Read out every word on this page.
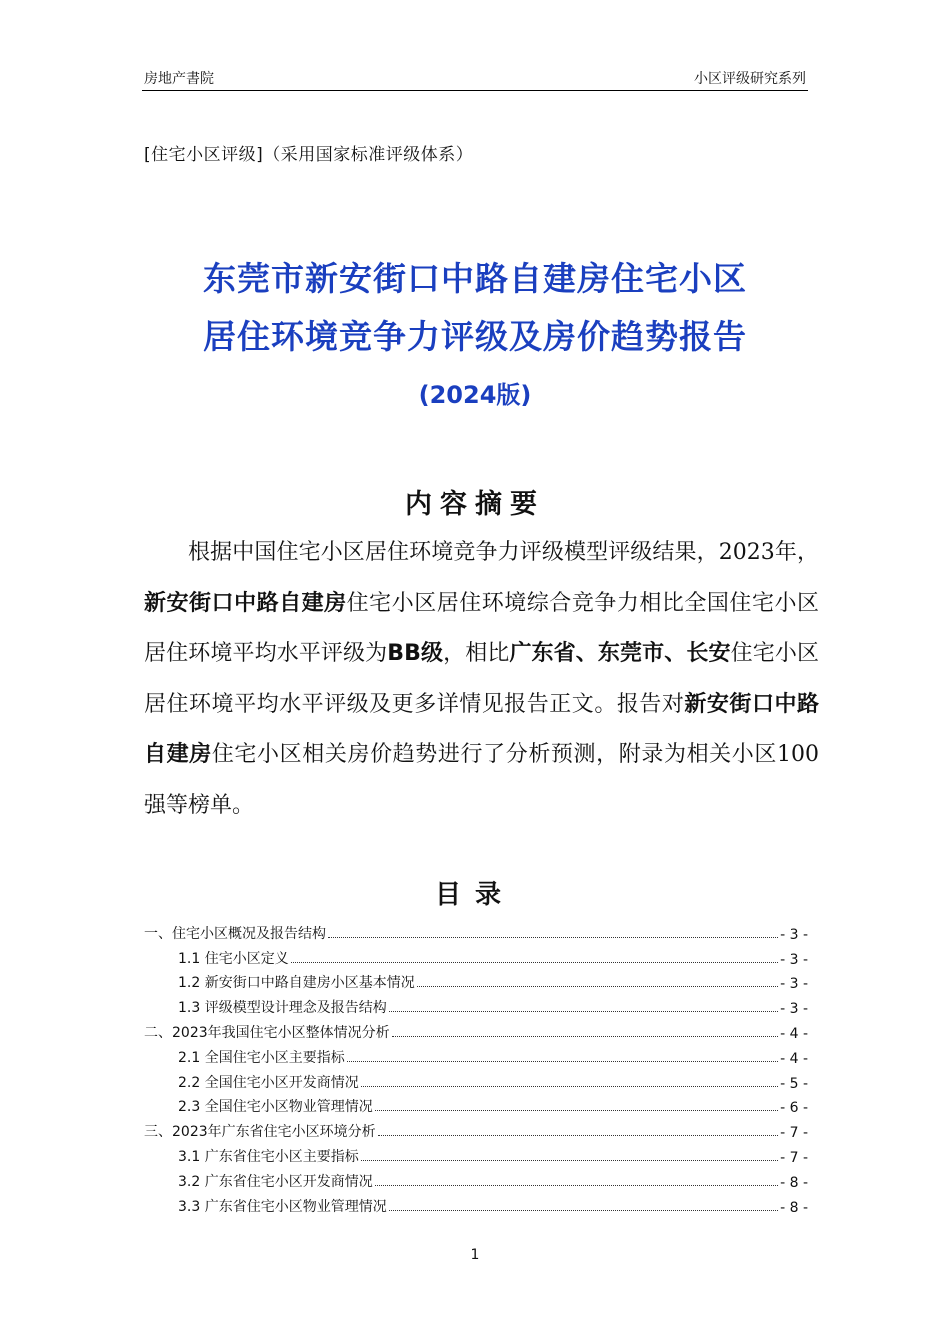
房地产書院	小区评级研究系列
[住宅小区评级]（采用国家标准评级体系）
东莞市新安街口中路自建房住宅小区
居住环境竞争力评级及房价趋势报告
(2024版)
内容摘要

根据中国住宅小区居住环境竞争力评级模型评级结果，2023年，新安街口中路自建房住宅小区居住环境综合竞争力相比全国住宅小区居住环境平均水平评级为BB级，相比广东省、东莞市、长安住宅小区居住环境平均水平评级及更多详情见报告正文。报告对新安街口中路自建房住宅小区相关房价趋势进行了分析预测，附录为相关小区100强等榜单。

目录
一、住宅小区概况及报告结构	- 3 -
1.1 住宅小区定义	- 3 -
1.2 新安街口中路自建房小区基本情况	- 3 -
1.3 评级模型设计理念及报告结构	- 3 -
二、2023年我国住宅小区整体情况分析	- 4 -
2.1 全国住宅小区主要指标	- 4 -
2.2 全国住宅小区开发商情况	- 5 -
2.3 全国住宅小区物业管理情况	- 6 -
三、2023年广东省住宅小区环境分析	- 7 -
3.1 广东省住宅小区主要指标	- 7 -
3.2 广东省住宅小区开发商情况	- 8 -
3.3 广东省住宅小区物业管理情况	- 8 -
1
